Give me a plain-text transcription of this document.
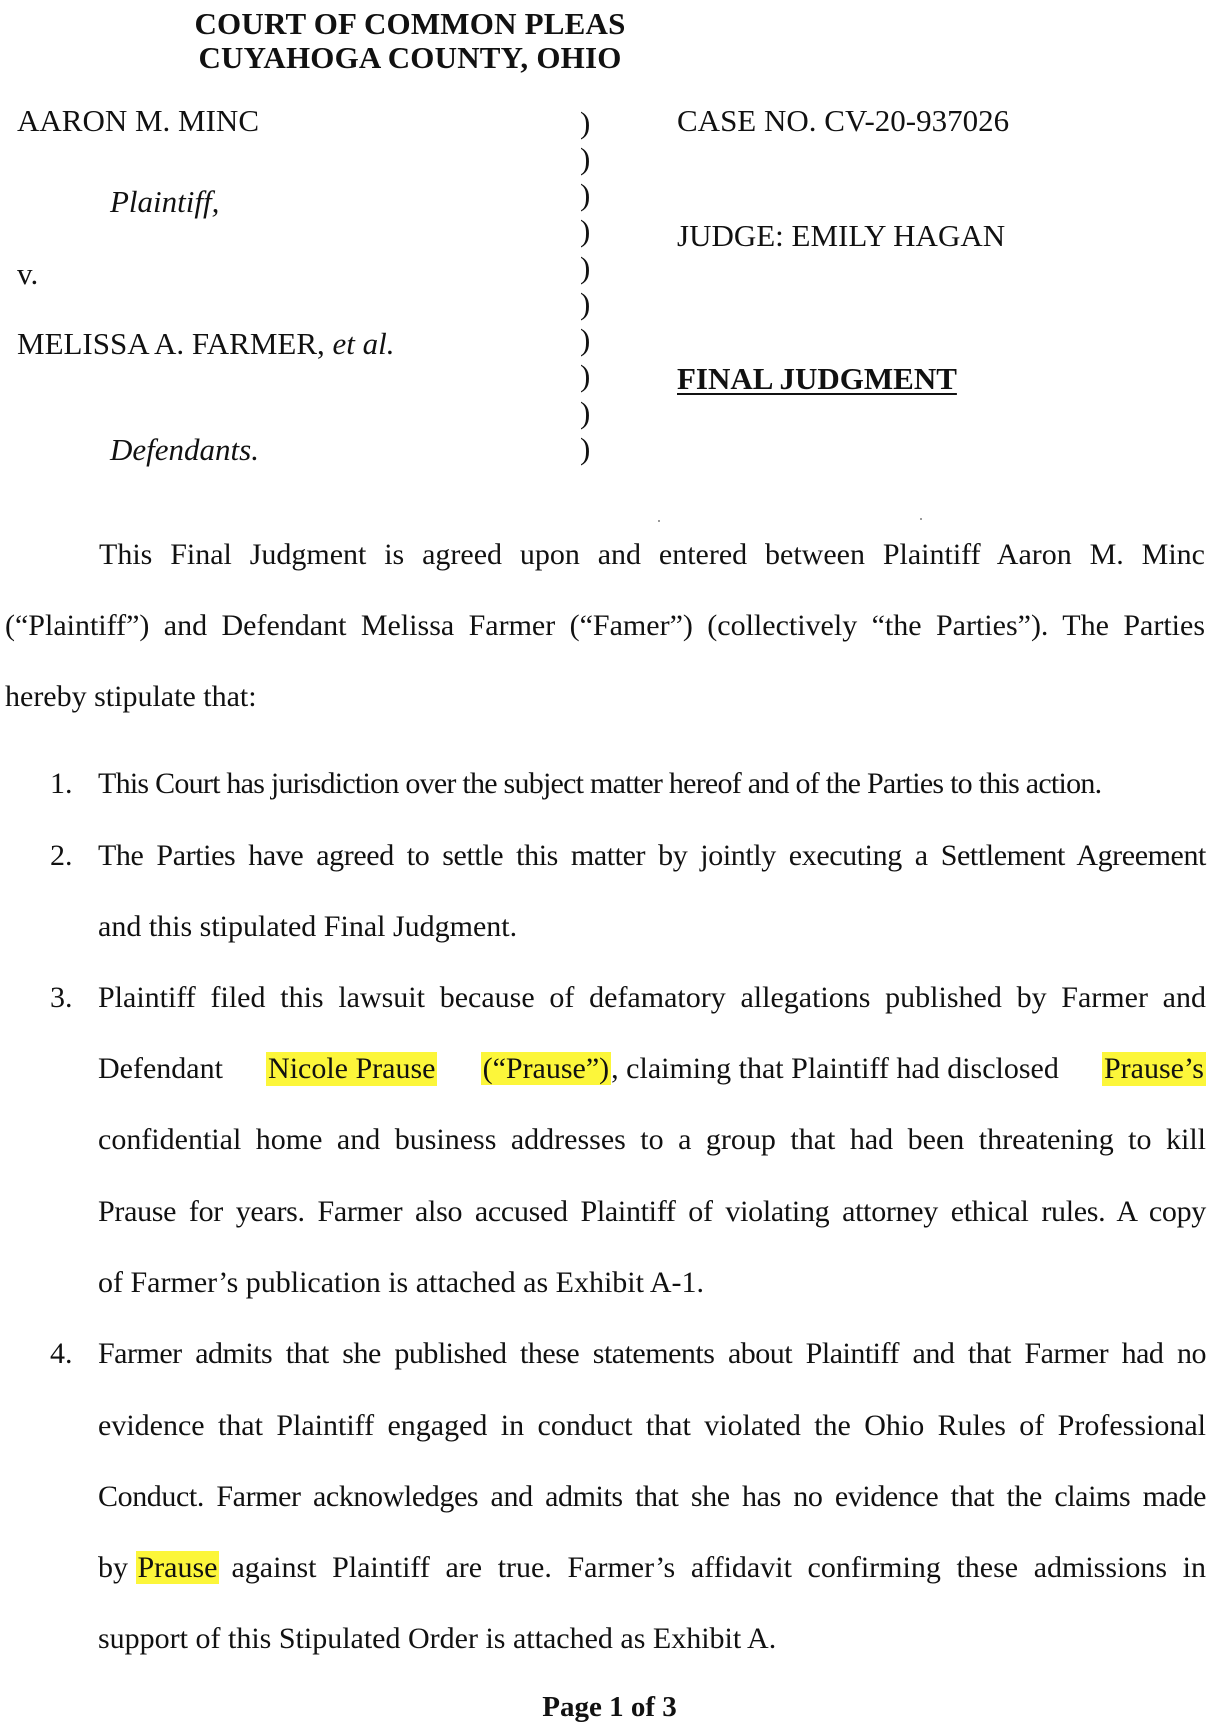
COURT OF COMMON PLEAS
CUYAHOGA COUNTY, OHIO
AARON M. MINC
Plaintiff,
v.
MELISSA A. FARMER, et al.
Defendants.
)
)
)
)
)
)
)
)
)
)
CASE NO. CV-20-937026
JUDGE: EMILY HAGAN
FINAL JUDGMENT
This Final Judgment is agreed upon and entered between Plaintiff Aaron M. Minc
(“Plaintiff”) and Defendant Melissa Farmer (“Famer”) (collectively “the Parties”). The Parties
hereby stipulate that:
1. This Court has jurisdiction over the subject matter hereof and of the Parties to this action.
2. The Parties have agreed to settle this matter by jointly executing a Settlement Agreement
and this stipulated Final Judgment.
3. Plaintiff filed this lawsuit because of defamatory allegations published by Farmer and
Defendant Nicole Prause (“Prause”), claiming that Plaintiff had disclosed Prause’s
confidential home and business addresses to a group that had been threatening to kill
Prause for years. Farmer also accused Plaintiff of violating attorney ethical rules. A copy
of Farmer’s publication is attached as Exhibit A-1.
4. Farmer admits that she published these statements about Plaintiff and that Farmer had no
evidence that Plaintiff engaged in conduct that violated the Ohio Rules of Professional
Conduct. Farmer acknowledges and admits that she has no evidence that the claims made
by Prause against Plaintiff are true. Farmer’s affidavit confirming these admissions in
support of this Stipulated Order is attached as Exhibit A.
Page 1 of 3
